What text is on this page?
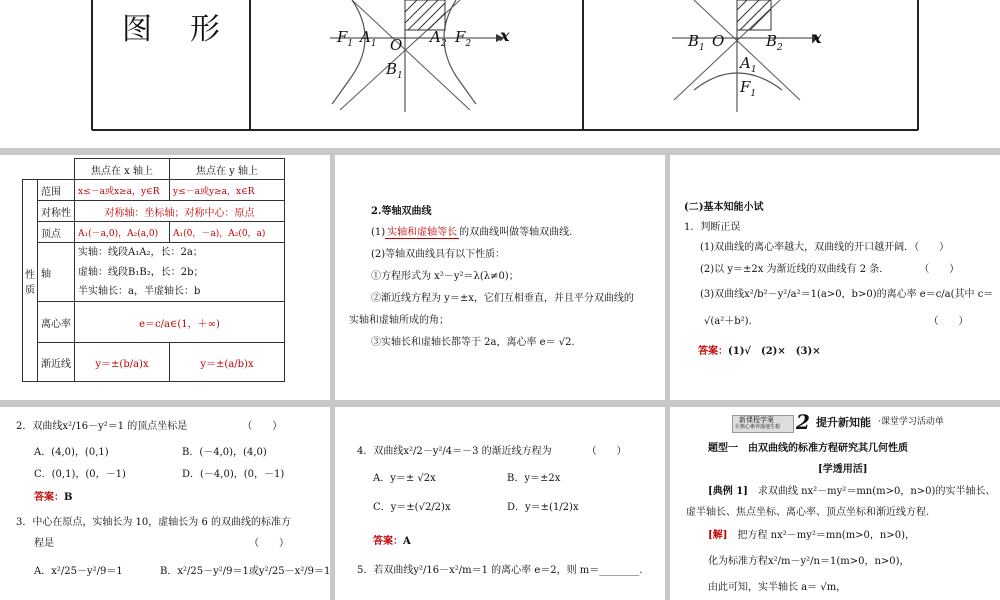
图　形	$F_1$ $A_1$ O $A_2$ $F_2$ x
$B_1$
$B_1$ O	$B_2$
x
$A_1$
$F_1$
		焦点在 x 轴上	焦点在 y 轴上
性质	范围	x≤－a或x≥a，y∈R	y≤－a或y≥a，x∈R
	对称性	对称轴：坐标轴；对称中心：原点	
	顶点	A₁(－a,0)，A₂(a,0)	A₁(0，－a)，A₂(0，a)
	轴	实轴：线段A₁A₂，长：2a；
虚轴：线段B₁B₂，长：2b；
半实轴长：a，半虚轴长：b	

	离心率	e＝c/a∈(1，＋∞)	
	渐近线	y＝±(b/a)x	y＝±(a/b)x
2.等轴双曲线
(1) 实轴和虚轴等长 的双曲线叫做等轴双曲线.
(2)等轴双曲线具有以下性质：
①方程形式为 x²－y²＝λ(λ≠0)；
②渐近线方程为 y＝±x，它们互相垂直，并且平分双曲线的
实轴和虚轴所成的角；
③实轴长和虚轴长都等于 2a，离心率 e＝ √2.
(二)基本知能小试
1．判断正误
(1)双曲线的离心率越大，双曲线的开口越开阔．（　　）
(2)以 y＝±2x 为渐近线的双曲线有 2 条．　　　　（　　）
(3)双曲线x²/b²－y²/a²＝1(a>0，b>0)的离心率 e＝c/a(其中 c＝
√(a²＋b²)．　　　　　　　　　　　　　　　　　　（　　）
答案：(1)√　(2)×　(3)×
2．双曲线x²/16－y²＝1 的顶点坐标是　　　　　　（　　）
A．(4,0)，(0,1)	B．(－4,0)，(4,0)
C．(0,1)，(0，－1)	D．(－4,0)，(0，－1)
答案：B
3．中心在原点，实轴长为 10，虚轴长为 6 的双曲线的标准方
程是　　　　　　　　　　　　　　　　　　　　（　　）
A．x²/25－y²/9＝1	B．x²/25－y²/9＝1或y²/25－x²/9＝1
4．双曲线x²/2－y²/4＝－3 的渐近线方程为　　　　（　　）
A．y＝± √2x	B．y＝±2x
C．y＝±(√2/2)x	D．y＝±(1/2)x
答案：A
5．若双曲线y²/16－x²/m＝1 的离心率 e＝2，则 m＝________.
新课程学案
让核心素养落地生根 2 提升新知能 ·课堂学习活动单
题型一　由双曲线的标准方程研究其几何性质
[学透用活]
[典例 1]　 求双曲线 nx²－my²＝mn(m>0，n>0)的实半轴长、
虚半轴长、焦点坐标、离心率、顶点坐标和渐近线方程.
[解]　 把方程 nx²－my²＝mn(m>0，n>0)，
化为标准方程x²/m－y²/n＝1(m>0，n>0)，
由此可知，实半轴长 a＝ √m，
